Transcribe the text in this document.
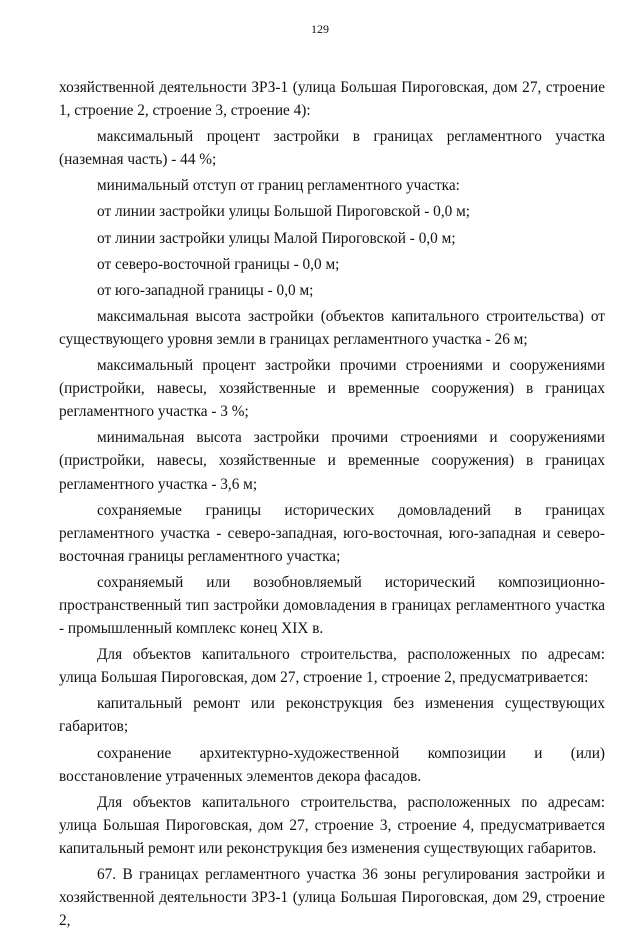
129

хозяйственной деятельности ЗРЗ-1 (улица Большая Пироговская, дом 27, строение 1, строение 2, строение 3, строение 4):

максимальный процент застройки в границах регламентного участка (наземная часть) - 44 %;

минимальный отступ от границ регламентного участка:

от линии застройки улицы Большой Пироговской - 0,0 м;

от линии застройки улицы Малой Пироговской - 0,0 м;

от северо-восточной границы - 0,0 м;

от юго-западной границы - 0,0 м;

максимальная высота застройки (объектов капитального строительства) от существующего уровня земли в границах регламентного участка - 26 м;

максимальный процент застройки прочими строениями и сооружениями (пристройки, навесы, хозяйственные и временные сооружения) в границах регламентного участка - 3 %;

минимальная высота застройки прочими строениями и сооружениями (пристройки, навесы, хозяйственные и временные сооружения) в границах регламентного участка - 3,6 м;

сохраняемые границы исторических домовладений в границах регламентного участка - северо-западная, юго-восточная, юго-западная и северо-восточная границы регламентного участка;

сохраняемый или возобновляемый исторический композиционно-пространственный тип застройки домовладения в границах регламентного участка - промышленный комплекс конец XIX в.

Для объектов капитального строительства, расположенных по адресам: улица Большая Пироговская, дом 27, строение 1, строение 2, предусматривается:

капитальный ремонт или реконструкция без изменения существующих габаритов;

сохранение архитектурно-художественной композиции и (или) восстановление утраченных элементов декора фасадов.

Для объектов капитального строительства, расположенных по адресам: улица Большая Пироговская, дом 27, строение 3, строение 4, предусматривается капитальный ремонт или реконструкция без изменения существующих габаритов.

67. В границах регламентного участка 36 зоны регулирования застройки и хозяйственной деятельности ЗРЗ-1 (улица Большая Пироговская, дом 29, строение 2,
